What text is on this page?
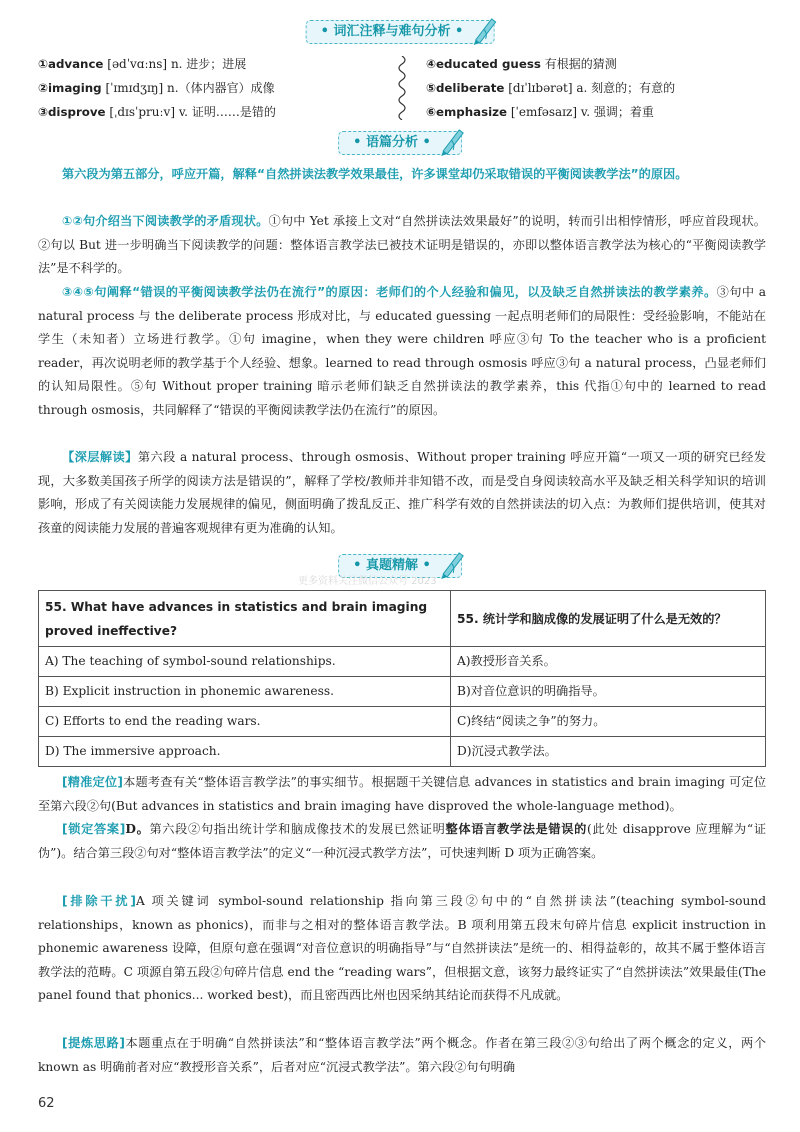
• 词汇注释与难句分析 •
①advance [ədˈvɑːns] n. 进步；进展
②imaging [ˈɪmɪdʒɪŋ] n.（体内器官）成像
③disprove [ˌdɪsˈpruːv] v. 证明……是错的
④educated guess 有根据的猜测
⑤deliberate [dɪˈlɪbərət] a. 刻意的；有意的
⑥emphasize [ˈemfəsaɪz] v. 强调；着重
• 语篇分析 •
第六段为第五部分，呼应开篇，解释“自然拼读法教学效果最佳，许多课堂却仍采取错误的平衡阅读教学法”的原因。
①②句介绍当下阅读教学的矛盾现状。①句中 Yet 承接上文对“自然拼读法效果最好”的说明，转而引出相悖情形，呼应首段现状。②句以 But 进一步明确当下阅读教学的问题：整体语言教学法已被技术证明是错误的，亦即以整体语言教学法为核心的“平衡阅读教学法”是不科学的。
③④⑤句阐释“错误的平衡阅读教学法仍在流行”的原因：老师们的个人经验和偏见，以及缺乏自然拼读法的教学素养。③句中 a natural process 与 the deliberate process 形成对比，与 educated guessing 一起点明老师们的局限性：受经验影响，不能站在学生（未知者）立场进行教学。①句 imagine，when they were children 呼应③句 To the teacher who is a proficient reader，再次说明老师的教学基于个人经验、想象。learned to read through osmosis 呼应③句 a natural process，凸显老师们的认知局限性。⑤句 Without proper training 暗示老师们缺乏自然拼读法的教学素养，this 代指①句中的 learned to read through osmosis，共同解释了“错误的平衡阅读教学法仍在流行”的原因。
【深层解读】第六段 a natural process、through osmosis、Without proper training 呼应开篇“一项又一项的研究已经发现，大多数美国孩子所学的阅读方法是错误的”，解释了学校/教师并非知错不改，而是受自身阅读较高水平及缺乏相关科学知识的培训影响，形成了有关阅读能力发展规律的偏见，侧面明确了拨乱反正、推广科学有效的自然拼读法的切入点：为教师们提供培训，使其对孩童的阅读能力发展的普遍客观规律有更为准确的认知。
• 真题精解 •
更多资料关注微信公众号 2023
55. What have advances in statistics and brain imaging proved ineffective?	55. 统计学和脑成像的发展证明了什么是无效的？
A) The teaching of symbol-sound relationships.	A)教授形音关系。
B) Explicit instruction in phonemic awareness.	B)对音位意识的明确指导。
C) Efforts to end the reading wars.	C)终结“阅读之争”的努力。
D) The immersive approach.	D)沉浸式教学法。
[精准定位]本题考查有关“整体语言教学法”的事实细节。根据题干关键信息 advances in statistics and brain imaging 可定位至第六段②句(But advances in statistics and brain imaging have disproved the whole-language method)。
[锁定答案]D。第六段②句指出统计学和脑成像技术的发展已然证明整体语言教学法是错误的(此处 disapprove 应理解为“证伪”)。结合第三段②句对“整体语言教学法”的定义“一种沉浸式教学方法”，可快速判断 D 项为正确答案。
[排除干扰]A 项关键词 symbol-sound relationship 指向第三段②句中的“自然拼读法”(teaching symbol-sound relationships，known as phonics)，而非与之相对的整体语言教学法。B 项利用第五段末句碎片信息 explicit instruction in phonemic awareness 设障，但原句意在强调“对音位意识的明确指导”与“自然拼读法”是统一的、相得益彰的，故其不属于整体语言教学法的范畴。C 项源自第五段②句碎片信息 end the “reading wars”，但根据文意，该努力最终证实了“自然拼读法”效果最佳(The panel found that phonics... worked best)，而且密西西比州也因采纳其结论而获得不凡成就。
[提炼思路]本题重点在于明确“自然拼读法”和“整体语言教学法”两个概念。作者在第三段②③句给出了两个概念的定义，两个 known as 明确前者对应“教授形音关系”，后者对应“沉浸式教学法”。第六段②句句明确
62
